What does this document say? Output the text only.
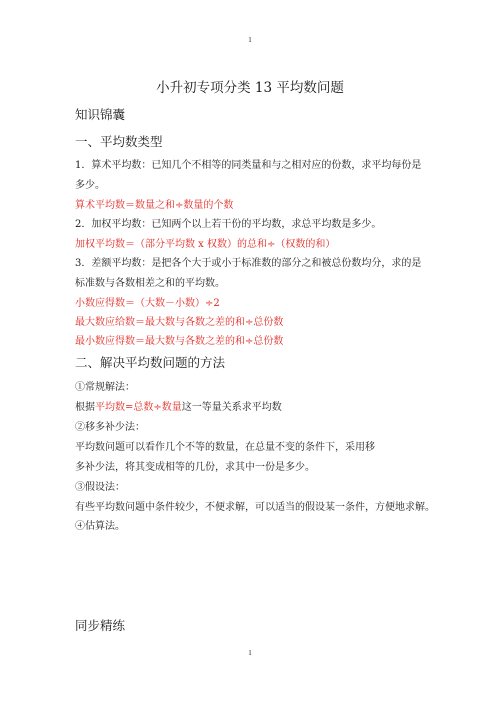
1
小升初专项分类 13 平均数问题
知识锦囊
一、平均数类型
1．算术平均数：已知几个不相等的同类量和与之相对应的份数，求平均每份是
多少。
算术平均数＝数量之和÷数量的个数
2．加权平均数：已知两个以上若干份的平均数，求总平均数是多少。
加权平均数＝（部分平均数 x 权数）的总和÷（权数的和）
3．差额平均数：是把各个大于或小于标准数的部分之和被总份数均分，求的是
标准数与各数相差之和的平均数。
小数应得数＝（大数－小数）÷2
最大数应给数＝最大数与各数之差的和÷总份数
最小数应得数＝最大数与各数之差的和÷总份数
二、解决平均数问题的方法
①常规解法：
根据平均数=总数÷数量这一等量关系求平均数
②移多补少法：
平均数问题可以看作几个不等的数量，在总量不变的条件下，采用移
多补少法，将其变成相等的几份，求其中一份是多少。
③假设法：
有些平均数问题中条件较少，不便求解，可以适当的假设某一条件，方便地求解。
④估算法。
同步精练
1
